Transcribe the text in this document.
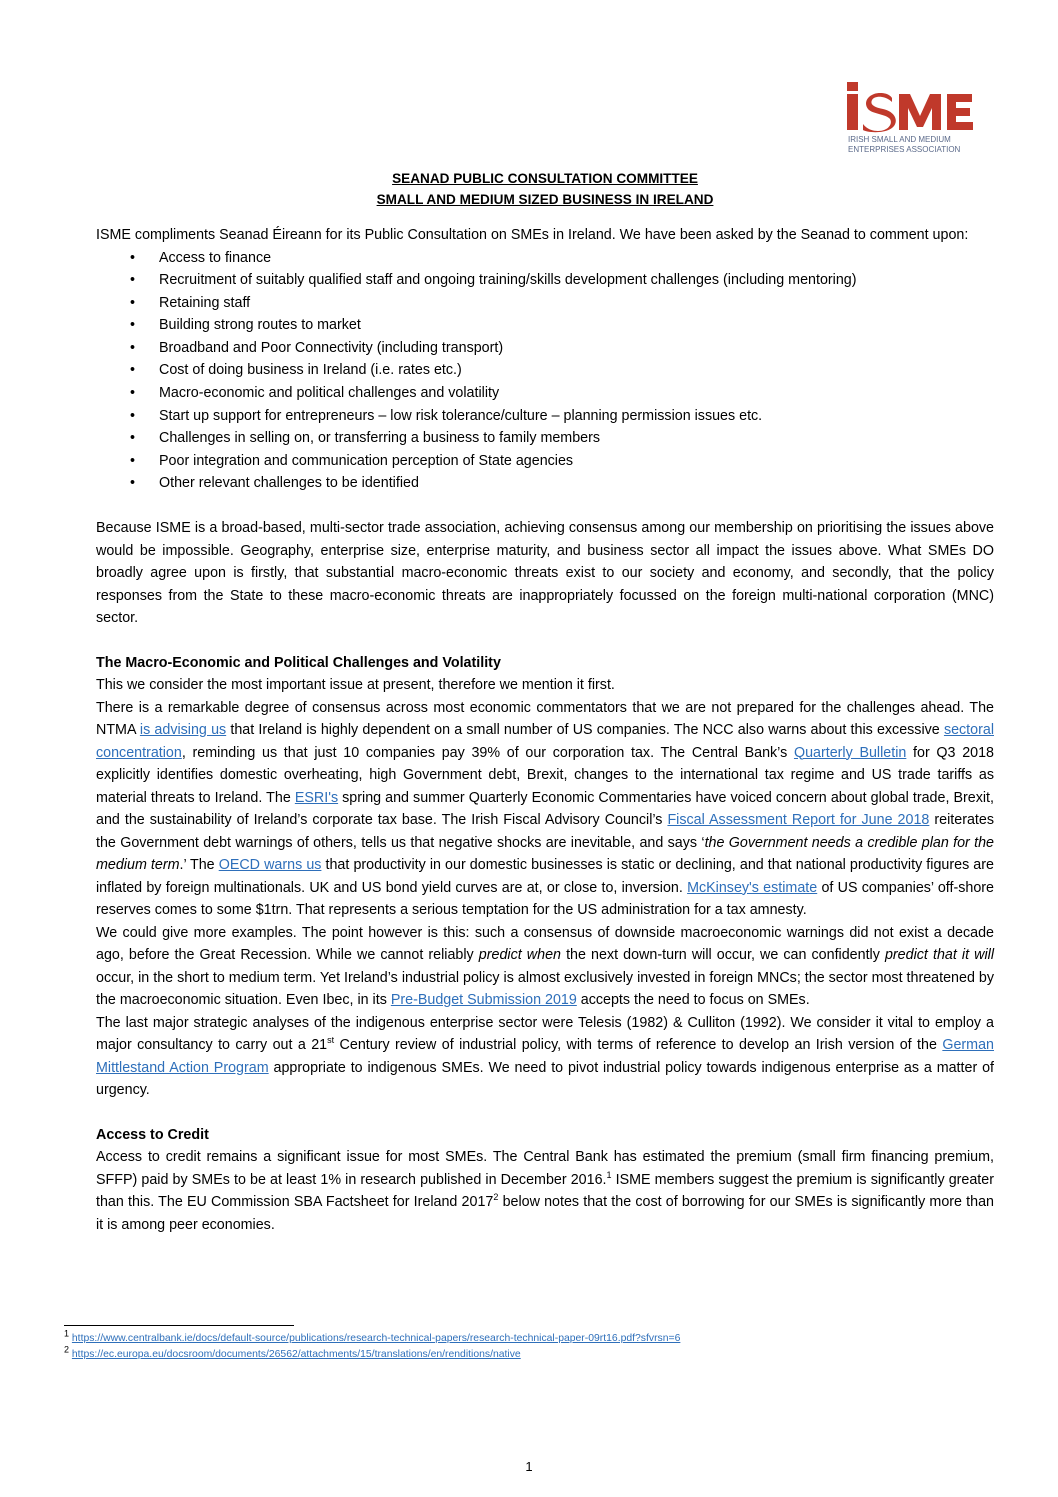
IRISH SMALL AND MEDIUM
ENTERPRISES ASSOCIATION
SEANAD PUBLIC CONSULTATION COMMITTEE
SMALL AND MEDIUM SIZED BUSINESS IN IRELAND

ISME compliments Seanad Éireann for its Public Consultation on SMEs in Ireland. We have been asked by the Seanad to comment upon:

• Access to finance
• Recruitment of suitably qualified staff and ongoing training/skills development challenges (including mentoring)
• Retaining staff
• Building strong routes to market
• Broadband and Poor Connectivity (including transport)
• Cost of doing business in Ireland (i.e. rates etc.)
• Macro-economic and political challenges and volatility
• Start up support for entrepreneurs – low risk tolerance/culture – planning permission issues etc.
• Challenges in selling on, or transferring a business to family members
• Poor integration and communication perception of State agencies
• Other relevant challenges to be identified

Because ISME is a broad-based, multi-sector trade association, achieving consensus among our membership on prioritising the issues above would be impossible. Geography, enterprise size, enterprise maturity, and business sector all impact the issues above. What SMEs DO broadly agree upon is firstly, that substantial macro-economic threats exist to our society and economy, and secondly, that the policy responses from the State to these macro-economic threats are inappropriately focussed on the foreign multi-national corporation (MNC) sector.

The Macro-Economic and Political Challenges and Volatility

This we consider the most important issue at present, therefore we mention it first.

There is a remarkable degree of consensus across most economic commentators that we are not prepared for the challenges ahead. The NTMA is advising us that Ireland is highly dependent on a small number of US companies. The NCC also warns about this excessive sectoral concentration, reminding us that just 10 companies pay 39% of our corporation tax. The Central Bank’s Quarterly Bulletin for Q3 2018 explicitly identifies domestic overheating, high Government debt, Brexit, changes to the international tax regime and US trade tariffs as material threats to Ireland. The ESRI's spring and summer Quarterly Economic Commentaries have voiced concern about global trade, Brexit, and the sustainability of Ireland’s corporate tax base. The Irish Fiscal Advisory Council’s Fiscal Assessment Report for June 2018 reiterates the Government debt warnings of others, tells us that negative shocks are inevitable, and says ‘the Government needs a credible plan for the medium term.’ The OECD warns us that productivity in our domestic businesses is static or declining, and that national productivity figures are inflated by foreign multinationals. UK and US bond yield curves are at, or close to, inversion. McKinsey's estimate of US companies’ off-shore reserves comes to some $1trn. That represents a serious temptation for the US administration for a tax amnesty.

We could give more examples. The point however is this: such a consensus of downside macroeconomic warnings did not exist a decade ago, before the Great Recession. While we cannot reliably predict when the next down-turn will occur, we can confidently predict that it will occur, in the short to medium term. Yet Ireland’s industrial policy is almost exclusively invested in foreign MNCs; the sector most threatened by the macroeconomic situation. Even Ibec, in its Pre-Budget Submission 2019 accepts the need to focus on SMEs.

The last major strategic analyses of the indigenous enterprise sector were Telesis (1982) & Culliton (1992). We consider it vital to employ a major consultancy to carry out a 21st Century review of industrial policy, with terms of reference to develop an Irish version of the German Mittlestand Action Program appropriate to indigenous SMEs. We need to pivot industrial policy towards indigenous enterprise as a matter of urgency.

Access to Credit

Access to credit remains a significant issue for most SMEs. The Central Bank has estimated the premium (small firm financing premium, SFFP) paid by SMEs to be at least 1% in research published in December 2016.$^1$ ISME members suggest the premium is significantly greater than this. The EU Commission SBA Factsheet for Ireland 2017$^2$ below notes that the cost of borrowing for our SMEs is significantly more than it is among peer economies.

$^1$ https://www.centralbank.ie/docs/default-source/publications/research-technical-papers/research-technical-paper-09rt16.pdf?sfvrsn=6
$^2$ https://ec.europa.eu/docsroom/documents/26562/attachments/15/translations/en/renditions/native
1
